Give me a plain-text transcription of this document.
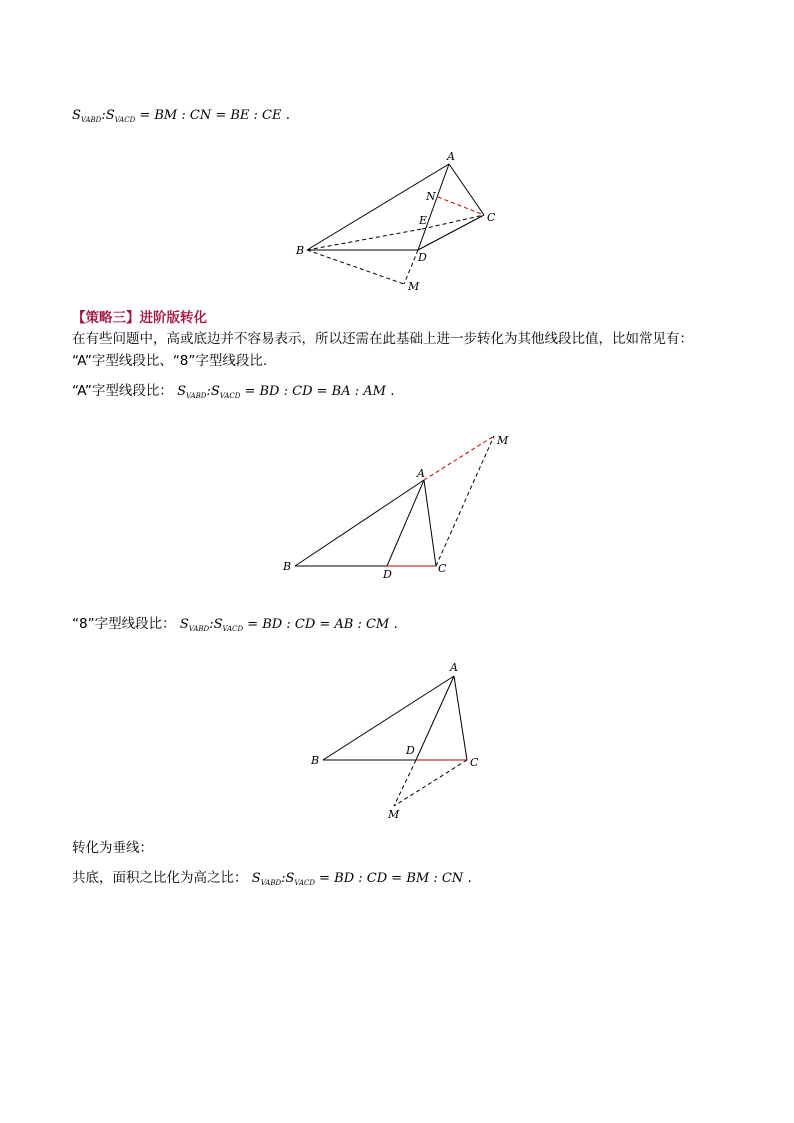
$S_{VABD}:S_{VACD}$ = BM : CN = BE : CE .
A
N
C
E
B
D
M
【策略三】进阶版转化
在有些问题中，高或底边并不容易表示，所以还需在此基础上进一步转化为其他线段比值，比如常见有：
“A”字型线段比、“8”字型线段比.
“A”字型线段比： $S_{VABD}:S_{VACD}$ = BD : CD = BA : AM .
M
A
B
D	C
“8”字型线段比： $S_{VABD}:S_{VACD}$ = BD : CD = AB : CM .
A
D
B	C
M
转化为垂线：
共底，面积之比化为高之比： $S_{VABD}:S_{VACD}$ = BD : CD = BM : CN .
